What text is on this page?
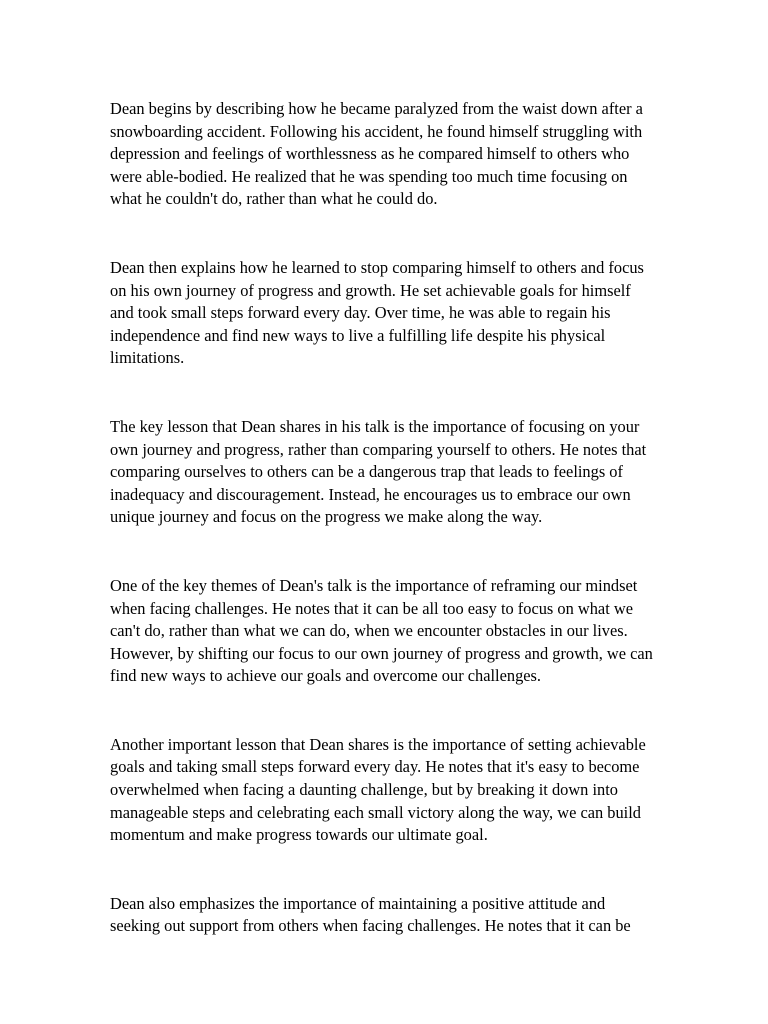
Dean begins by describing how he became paralyzed from the waist down after a
snowboarding accident. Following his accident, he found himself struggling with
depression and feelings of worthlessness as he compared himself to others who
were able-bodied. He realized that he was spending too much time focusing on
what he couldn't do, rather than what he could do.

Dean then explains how he learned to stop comparing himself to others and focus
on his own journey of progress and growth. He set achievable goals for himself
and took small steps forward every day. Over time, he was able to regain his
independence and find new ways to live a fulfilling life despite his physical
limitations.

The key lesson that Dean shares in his talk is the importance of focusing on your
own journey and progress, rather than comparing yourself to others. He notes that
comparing ourselves to others can be a dangerous trap that leads to feelings of
inadequacy and discouragement. Instead, he encourages us to embrace our own
unique journey and focus on the progress we make along the way.

One of the key themes of Dean's talk is the importance of reframing our mindset
when facing challenges. He notes that it can be all too easy to focus on what we
can't do, rather than what we can do, when we encounter obstacles in our lives.
However, by shifting our focus to our own journey of progress and growth, we can
find new ways to achieve our goals and overcome our challenges.

Another important lesson that Dean shares is the importance of setting achievable
goals and taking small steps forward every day. He notes that it's easy to become
overwhelmed when facing a daunting challenge, but by breaking it down into
manageable steps and celebrating each small victory along the way, we can build
momentum and make progress towards our ultimate goal.

Dean also emphasizes the importance of maintaining a positive attitude and
seeking out support from others when facing challenges. He notes that it can be
